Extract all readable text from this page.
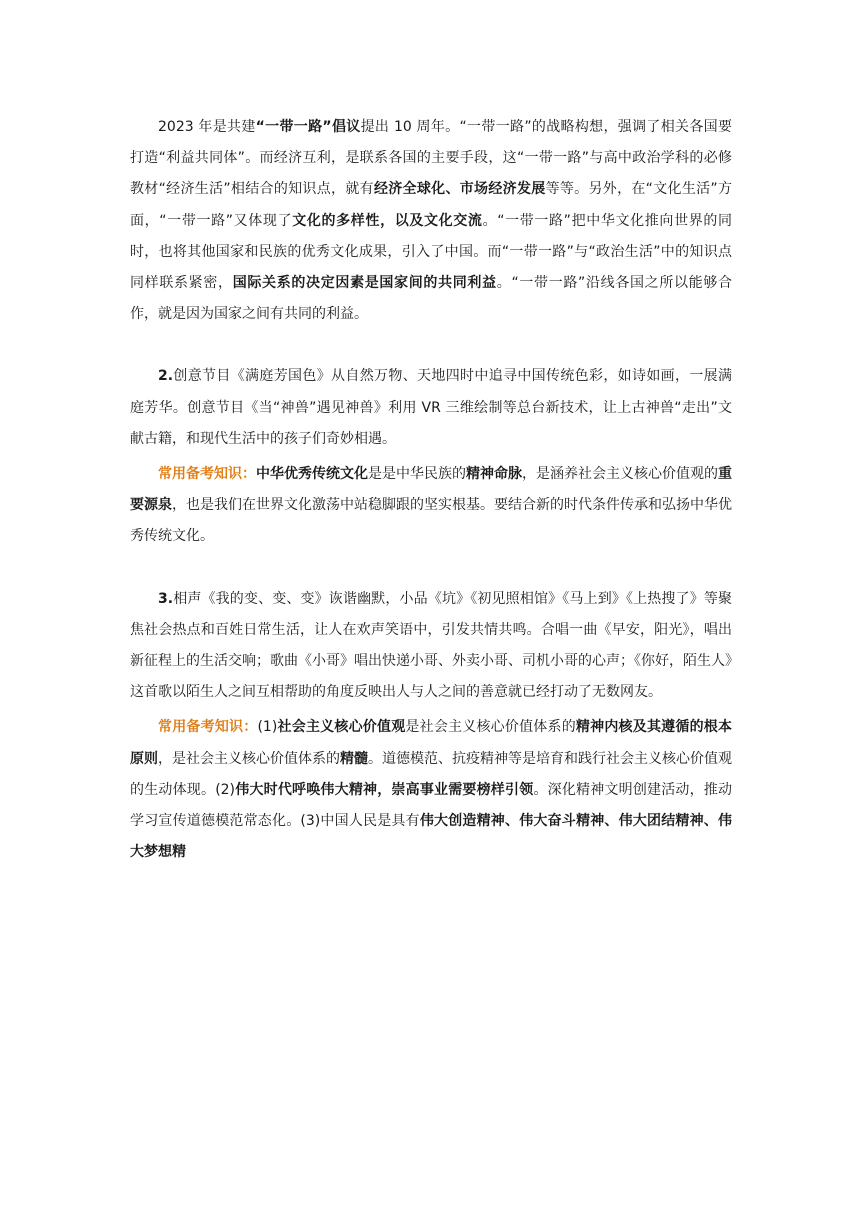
2023 年是共建“一带一路”倡议提出 10 周年。“一带一路”的战略构想，强调了相关各国要打造“利益共同体”。而经济互利，是联系各国的主要手段，这“一带一路”与高中政治学科的必修教材“经济生活”相结合的知识点，就有经济全球化、市场经济发展等等。另外，在“文化生活”方面，“一带一路”又体现了文化的多样性，以及文化交流。“一带一路”把中华文化推向世界的同时，也将其他国家和民族的优秀文化成果，引入了中国。而“一带一路”与“政治生活”中的知识点同样联系紧密，国际关系的决定因素是国家间的共同利益。“一带一路”沿线各国之所以能够合作，就是因为国家之间有共同的利益。

2.创意节目《满庭芳国色》从自然万物、天地四时中追寻中国传统色彩，如诗如画，一展满庭芳华。创意节目《当“神兽”遇见神兽》利用 VR 三维绘制等总台新技术，让上古神兽“走出”文献古籍，和现代生活中的孩子们奇妙相遇。

常用备考知识：中华优秀传统文化是是中华民族的精神命脉，是涵养社会主义核心价值观的重要源泉，也是我们在世界文化激荡中站稳脚跟的坚实根基。要结合新的时代条件传承和弘扬中华优秀传统文化。

3.相声《我的变、变、变》诙谐幽默，小品《坑》《初见照相馆》《马上到》《上热搜了》等聚焦社会热点和百姓日常生活，让人在欢声笑语中，引发共情共鸣。合唱一曲《早安，阳光》，唱出新征程上的生活交响；歌曲《小哥》唱出快递小哥、外卖小哥、司机小哥的心声；《你好，陌生人》这首歌以陌生人之间互相帮助的角度反映出人与人之间的善意就已经打动了无数网友。

常用备考知识：(1)社会主义核心价值观是社会主义核心价值体系的精神内核及其遵循的根本原则，是社会主义核心价值体系的精髓。道德模范、抗疫精神等是培育和践行社会主义核心价值观的生动体现。(2)伟大时代呼唤伟大精神，崇高事业需要榜样引领。深化精神文明创建活动，推动学习宣传道德模范常态化。(3)中国人民是具有伟大创造精神、伟大奋斗精神、伟大团结精神、伟大梦想精
